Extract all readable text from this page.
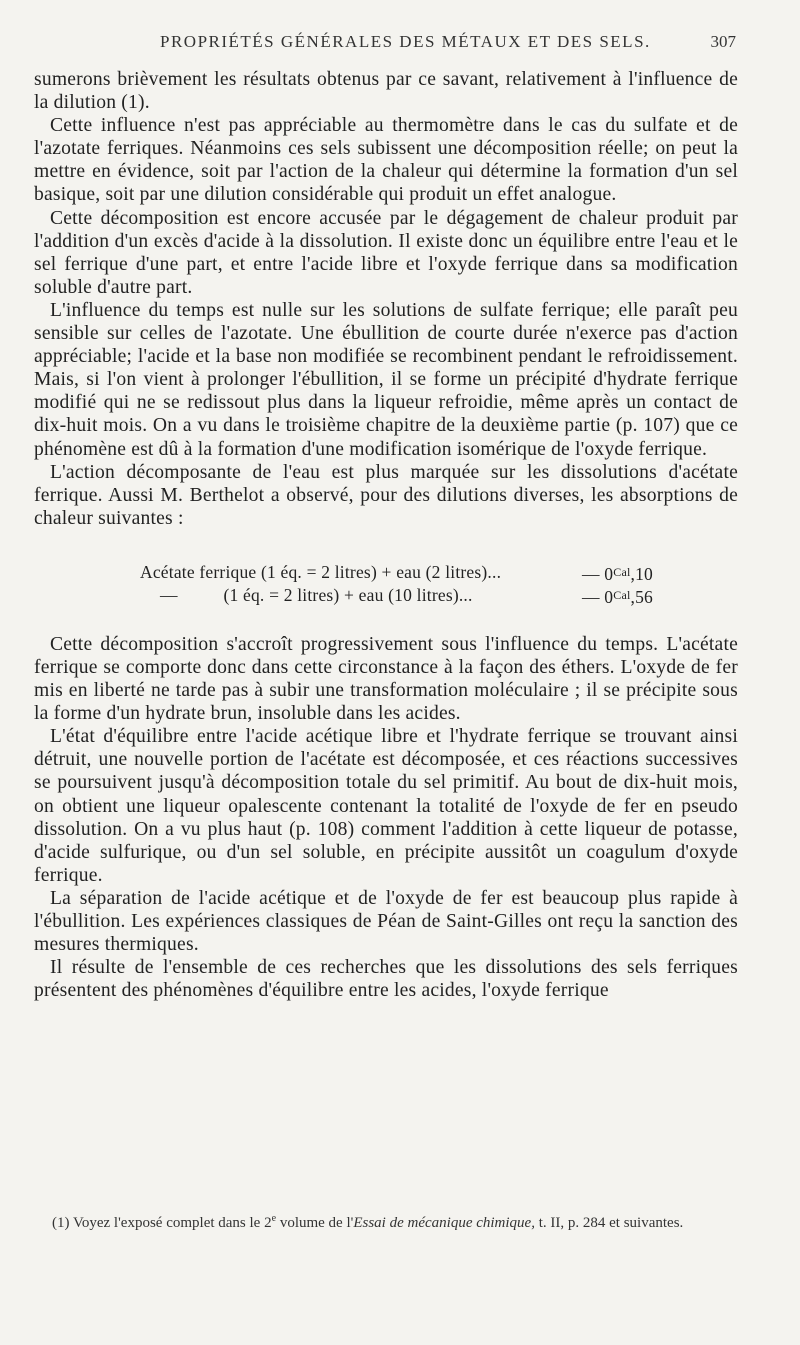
PROPRIÉTÉS GÉNÉRALES DES MÉTAUX ET DES SELS.	307

sumerons brièvement les résultats obtenus par ce savant, relativement à l'influence de la dilution (1).

Cette influence n'est pas appréciable au thermomètre dans le cas du sulfate et de l'azotate ferriques. Néanmoins ces sels subissent une décomposition réelle; on peut la mettre en évidence, soit par l'action de la chaleur qui détermine la formation d'un sel basique, soit par une dilution considérable qui produit un effet analogue.

Cette décomposition est encore accusée par le dégagement de chaleur produit par l'addition d'un excès d'acide à la dissolution. Il existe donc un équilibre entre l'eau et le sel ferrique d'une part, et entre l'acide libre et l'oxyde ferrique dans sa modification soluble d'autre part.

L'influence du temps est nulle sur les solutions de sulfate ferrique; elle paraît peu sensible sur celles de l'azotate. Une ébullition de courte durée n'exerce pas d'action appréciable; l'acide et la base non modifiée se recombinent pendant le refroidissement. Mais, si l'on vient à prolonger l'ébullition, il se forme un précipité d'hydrate ferrique modifié qui ne se redissout plus dans la liqueur refroidie, même après un contact de dix-huit mois. On a vu dans le troisième chapitre de la deuxième partie (p. 107) que ce phénomène est dû à la formation d'une modification isomérique de l'oxyde ferrique.

L'action décomposante de l'eau est plus marquée sur les dissolutions d'acétate ferrique. Aussi M. Berthelot a observé, pour des dilutions diverses, les absorptions de chaleur suivantes :

Acétate ferrique (1 éq. = 2 litres) + eau (2 litres)...	— $0^{Cal},10$
—          (1 éq. = 2 litres) + eau (10 litres)...	— $0^{Cal},56$

Cette décomposition s'accroît progressivement sous l'influence du temps. L'acétate ferrique se comporte donc dans cette circonstance à la façon des éthers. L'oxyde de fer mis en liberté ne tarde pas à subir une transformation moléculaire ; il se précipite sous la forme d'un hydrate brun, insoluble dans les acides.

L'état d'équilibre entre l'acide acétique libre et l'hydrate ferrique se trouvant ainsi détruit, une nouvelle portion de l'acétate est décomposée, et ces réactions successives se poursuivent jusqu'à décomposition totale du sel primitif. Au bout de dix-huit mois, on obtient une liqueur opalescente contenant la totalité de l'oxyde de fer en pseudo dissolution. On a vu plus haut (p. 108) comment l'addition à cette liqueur de potasse, d'acide sulfurique, ou d'un sel soluble, en précipite aussitôt un coagulum d'oxyde ferrique.

La séparation de l'acide acétique et de l'oxyde de fer est beaucoup plus rapide à l'ébullition. Les expériences classiques de Péan de Saint-Gilles ont reçu la sanction des mesures thermiques.

Il résulte de l'ensemble de ces recherches que les dissolutions des sels ferriques présentent des phénomènes d'équilibre entre les acides, l'oxyde ferrique

(1) Voyez l'exposé complet dans le 2e volume de l'Essai de mécanique chimique, t. II, p. 284 et suivantes.
